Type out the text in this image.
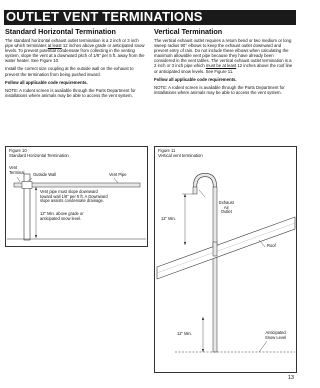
OUTLET VENT TERMINATIONS
Standard Horizontal Termination
The standard horizontal exhaust outlet termination is a 2 inch or 3 inch pipe which terminates at least 12 inches above grade or anticipated snow levels. To prevent potential condensate from collecting in the venting system, slope the vent at a downward pitch of 1/8" per 5 ft. away from the water heater. See Figure 10.
Install the correct size coupling at the outside wall on the exhaust to prevent the termination from being pushed inward.
Follow all applicable code requirements.
NOTE: A rodent screen is available through the Parts Department for installations where animals may be able to access the vent system.
Vertical Termination
The vertical exhaust outlet requires a return bend or two medium or long sweep radius 90° elbows to keep the exhaust outlet downward and prevent entry of rain. Do not include these elbows when calculating the maximum allowable vent pipe because they have already been considered in the vent tables. The vertical exhaust outlet termination is a 2 inch or 3 inch pipe which must be at least 12 inches above the roof line or anticipated snow levels. See Figure 11.
Follow all applicable code requirements.
NOTE: A rodent screen is available through the Parts Department for installations where animals may be able to access the vent system.
Figure 10
Standard Horizontal Termination
Vent
Terminal Outside Wall	Vent Pipe
Vent pipe must slope downward
toward wall 1/8" per 5 ft. A Downward
slope assists condensate drainage.
12" Min. above grade or
anticipated snow level.
Figure 11
Vertical vent termination
Exhaust
Air
Outlet
12" Min.
Roof
Anticipated
Snow Level
12" Min.
13
